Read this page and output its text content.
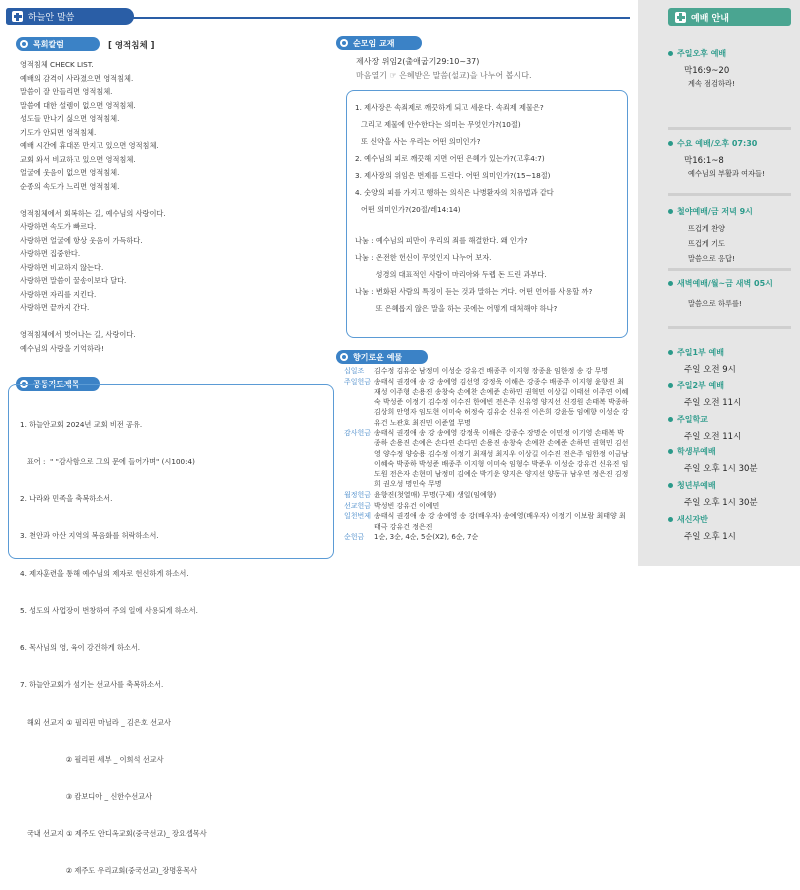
하늘안 말씀
목회칼럼	[ 영적침체 ]
영적침체 CHECK LIST.
예배의 감격이 사라졌으면 영적침체.
말씀이 잘 안들리면 영적침체.
말씀에 대한 설렘이 없으면 영적침체.
성도들 만나기 싫으면 영적침체.
기도가 안되면 영적침체.
예배 시간에 휴대폰 만지고 있으면 영적침체.
교회 와서 비교하고 있으면 영적침체.
얼굴에 웃음이 없으면 영적침체.
순종의 속도가 느리면 영적침체.
영적침체에서 회복하는 길, 예수님의 사랑이다.
사랑하면 속도가 빠르다.
사랑하면 얼굴에 항상 웃음이 가득하다.
사랑하면 집중한다.
사랑하면 비교하지 않는다.
사랑하면 말씀이 꿀송이보다 달다.
사랑하면 자리를 지킨다.
사랑하면 끝까지 간다.
영적침체에서 벗어나는 길, 사랑이다.
예수님의 사랑을 기억하라!
공동기도제목

1. 하늘안교회 2024년 교회 비전 공유.

표어 :  " "감사함으로 그의 문에 들어가며" (시100:4)

2. 나라와 민족을 축복하소서.

3. 천안과 아산 지역의 복음화를 허락하소서.

4. 제자훈련을 통해 예수님의 제자로 헌신하게 하소서.

5. 성도의 사업장이 번창하여 주의 일에 사용되게 하소서.

6. 목사님의 영, 육이 강건하게 하소서.

7. 하늘안교회가 섬기는 선교사를 축복하소서.

해외 선교지 ① 필리핀 마닐라 _ 김은호 선교사

② 필리핀 세부 _ 이희석 선교사

③ 캄보디아 _ 신한수선교사

국내 선교지 ① 제주도 안디옥교회(중국선교)_ 장요셉목사

② 제주도 우리교회(중국선교)_장명흥목사

순모임 교재
제사장 위임2(출애굽기29:10~37)
마음열기 ☞ 은혜받은 말씀(설교)을 나누어 봅시다.
1. 제사장은 속죄제로 깨끗하게 되고 세운다. 속죄제 제물은?
그리고 제물에 안수한다는 의미는 무엇인가?(10절)
또 신약을 사는 우리는 어떤 의미인가?
2. 예수님의 피로 깨끗해 지면 어떤 은혜가 있는가?(고후4:7)
3. 제사장의 위임은 번제를 드린다. 어떤 의미인가?(15~18절)
4. 숫양의 피를 가지고 행하는 의식은 나병환자의 치유법과 같다
어떤 의미인가?(20절/레14:14)
나눔 : 예수님의 피만이 우리의 죄를 해결한다. 왜 인가?
나눔 : 온전한 헌신이 무엇인지 나누어 보자.
성경의 대표적인 사람이 마리아와 두렙 돈 드린 과부다.
나눔 : 변화된 사람의 특징이 듣는 것과 말하는 거다. 어떤 언어를 사용할 까?
또 은혜롭지 않은 말을 하는 곳에는 어떻게 대처해야 하나?
향기로운 예물
십일조	김수정 김유순 남정미 이성순 강유건 배종주 이지형 장종윤 임한정 송 강 무명
주일헌금 송태식 권경애 송 강 송예영 김선영 강정욱 이해은 강종수 배종주 이지형 윤향진 최재성 이주형 손용진 송창숙 손예찬 손예준 손하민 권혁민 이상길 이태선 이주연 이혜숙 박성준 이정기 김수정 이수진 한예빈 전은주 신유영 양지선 신경원 손태복 박종하 김상희 안영자 임도현 이미숙 허정숙 김유순 신유진 이은희 강윤동 임예향 이성순 강유건 노관호 최진민 이준열 무명
감사헌금 송태식 권경애 송 강 송예영 강정욱 이해은 강종수 장명순 이민정 이기영 손태복 박종하 손용진 손예은 손다연 손다민 손용진 송창숙 손예찬 손예준 손하민 권혁민 김선영 양수정 양승용 김수정 이정기 최재성 최지우 이상길 이수진 전은주 임한정 이금남 이혜숙 박종하 박성준 배종주 이지형 이미숙 임형수 박준우 이성순 강유건 신유진 임도원 전은자 손현미 남정미 김예순 박기운 양지은 양지선 양동규 남우연 정은진 김정희 권오성 명인숙 무명
월정헌금 윤향진(첫열매) 무명(구제) 생일(임예향)
선교헌금 박성빈 강유건 이예민
일천번제 송태식 권경애 송 강 송예영 송 강(배우자) 송예영(배우자) 이정기 이보람 최태양 최태극 강유건 정은진
순헌금	1순, 3순, 4순, 5순(X2), 6순, 7순
예배 안내
주일오후 예배
막16:9~20
계속 점검하라!
수요 예배/오후 07:30
막16:1~8
예수님의 부활과 여자들!
철야예배/금 저녁 9시
뜨겁게 찬양
뜨겁게 기도
말씀으로 응답!
새벽예배/월~금 새벽 05시
말씀으로 하루를!
주일1부 예배
주일 오전 9시
주일2부 예배
주일 오전 11시
주일학교
주일 오전 11시
학생부예배
주일 오후 1시 30분
청년부예배
주일 오후 1시 30분
새신자반
주일 오후 1시
